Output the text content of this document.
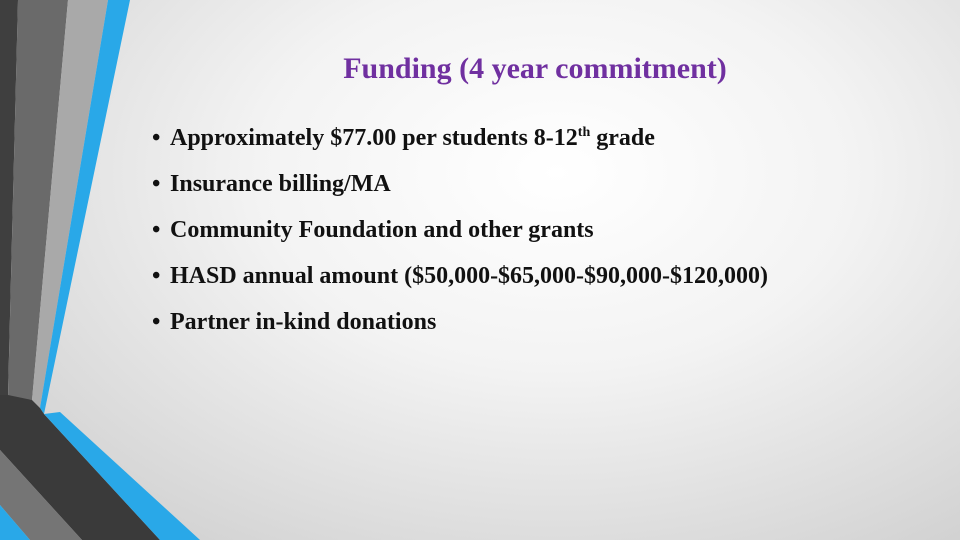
Funding (4 year commitment)
• Approximately $77.00 per students 8-12th grade
• Insurance billing/MA
• Community Foundation and other grants
• HASD annual amount ($50,000-$65,000-$90,000-$120,000)
• Partner in-kind donations
